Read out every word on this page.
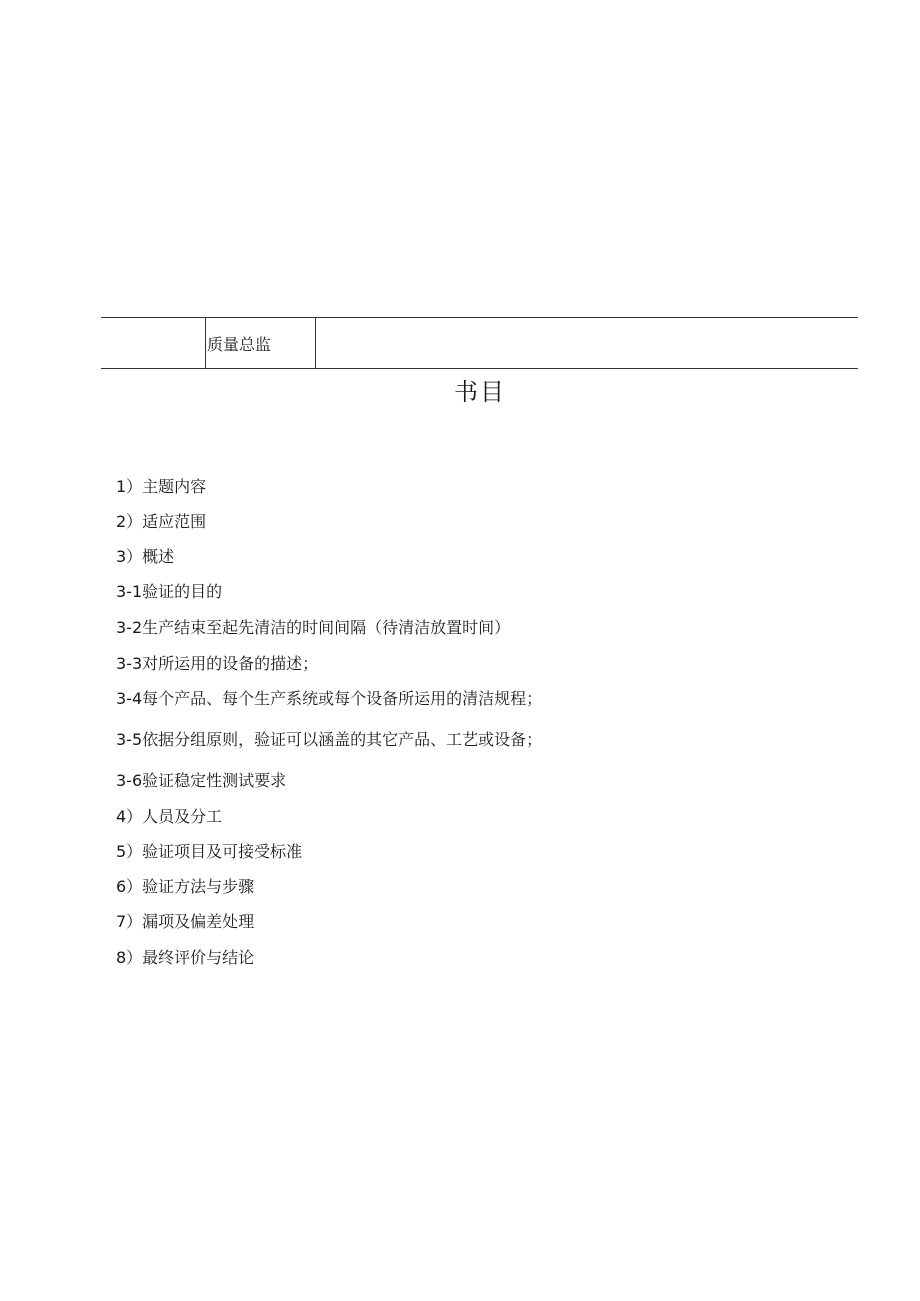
质量总监
书目
1）主题内容
2）适应范围
3）概述
3-1验证的目的
3-2生产结束至起先清洁的时间间隔（待清洁放置时间）
3-3对所运用的设备的描述；
3-4每个产品、每个生产系统或每个设备所运用的清洁规程；
3-5依据分组原则，验证可以涵盖的其它产品、工艺或设备；
3-6验证稳定性测试要求
4）人员及分工
5）验证项目及可接受标准
6）验证方法与步骤
7）漏项及偏差处理
8）最终评价与结论
